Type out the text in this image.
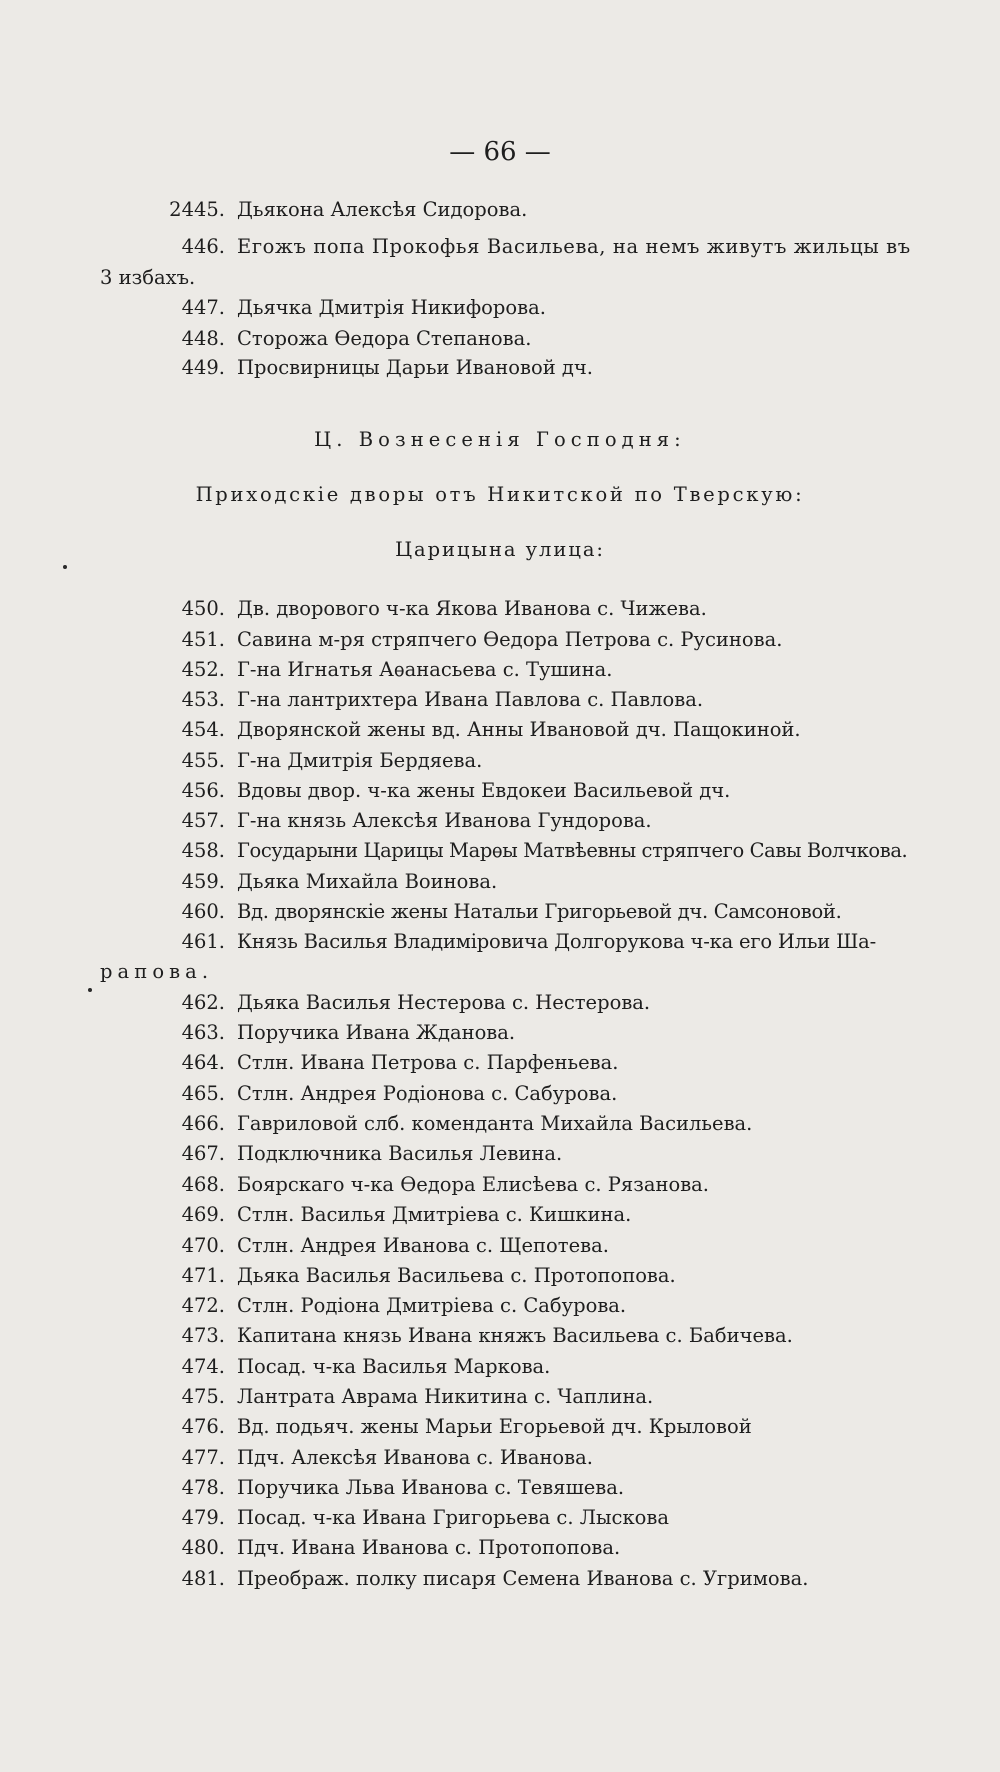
— 66 —
2445. Дьякона Алексѣя Сидорова.
446. Егожъ попа Прокофья Васильева, на немъ живутъ жильцы въ
3 избахъ.
447. Дьячка Дмитрія Никифорова.
448. Сторожа Ѳедора Степанова.
449. Просвирницы Дарьи Ивановой дч.
Ц. Вознесенія Господня:
Приходскіе дворы отъ Никитской по Тверскую:
Царицына улица:
450. Дв. дворового ч-ка Якова Иванова с. Чижева.
451. Савина м-ря стряпчего Ѳедора Петрова с. Русинова.
452. Г-на Игнатья Аѳанасьева с. Тушина.
453. Г-на лантрихтера Ивана Павлова с. Павлова.
454. Дворянской жены вд. Анны Ивановой дч. Пащокиной.
455. Г-на Дмитрія Бердяева.
456. Вдовы двор. ч-ка жены Евдокеи Васильевой дч.
457. Г-на князь Алексѣя Иванова Гундорова.
458. Государыни Царицы Марѳы Матвѣевны стряпчего Савы Волчкова.
459. Дьяка Михайла Воинова.
460. Вд. дворянскіе жены Натальи Григорьевой дч. Самсоновой.
461. Князь Василья Владиміровича Долгорукова ч-ка его Ильи Ша-
рапова.
462. Дьяка Василья Нестерова с. Нестерова.
463. Поручика Ивана Жданова.
464. Стлн. Ивана Петрова с. Парфеньева.
465. Стлн. Андрея Родіонова с. Сабурова.
466. Гавриловой слб. коменданта Михайла Васильева.
467. Подключника Василья Левина.
468. Боярскаго ч-ка Ѳедора Елисѣева с. Рязанова.
469. Стлн. Василья Дмитріева с. Кишкина.
470. Стлн. Андрея Иванова с. Щепотева.
471. Дьяка Василья Васильева с. Протопопова.
472. Стлн. Родіона Дмитріева с. Сабурова.
473. Капитана князь Ивана княжъ Васильева с. Бабичева.
474. Посад. ч-ка Василья Маркова.
475. Лантрата Аврама Никитина с. Чаплина.
476. Вд. подьяч. жены Марьи Егорьевой дч. Крыловой
477. Пдч. Алексѣя Иванова с. Иванова.
478. Поручика Льва Иванова с. Тевяшева.
479. Посад. ч-ка Ивана Григорьева с. Лыскова
480. Пдч. Ивана Иванова с. Протопопова.
481. Преображ. полку писаря Семена Иванова с. Угримова.
